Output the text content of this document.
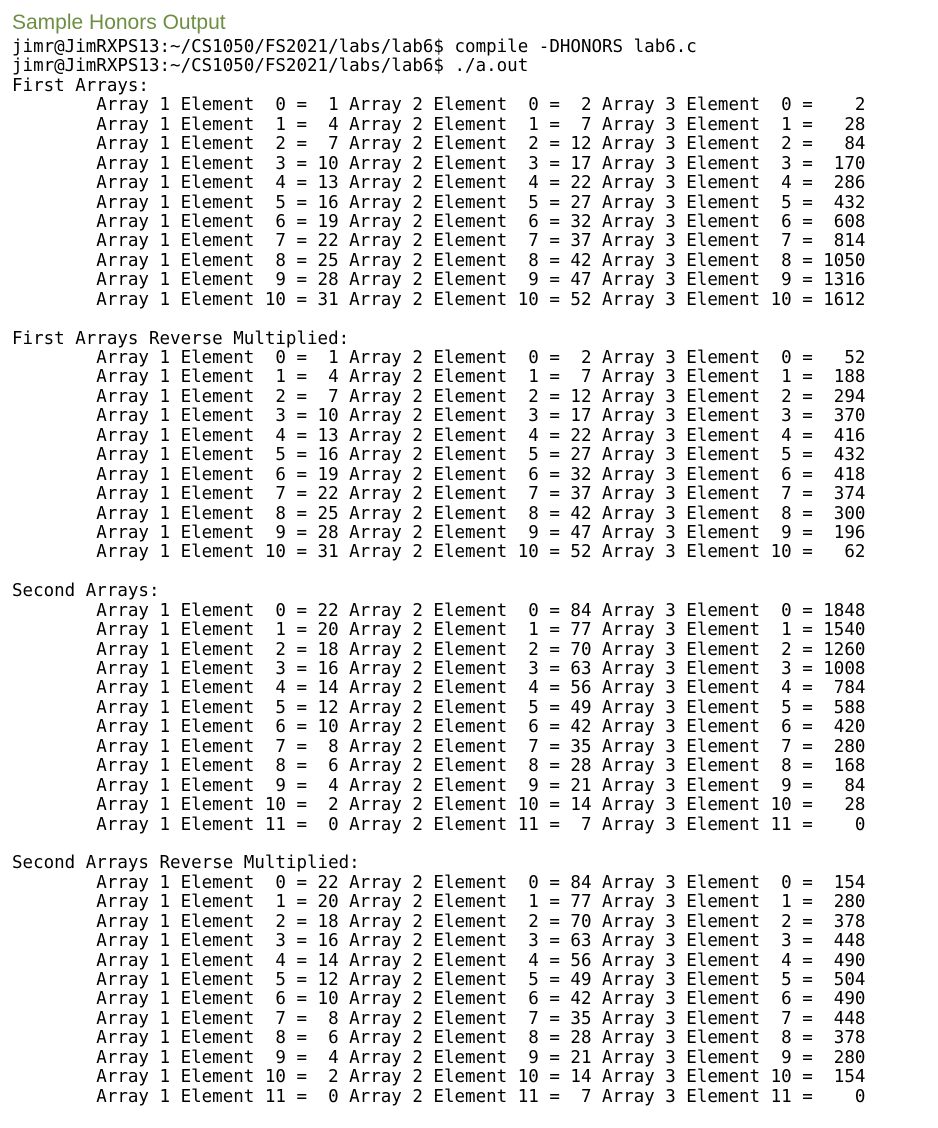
Sample Honors Output
jimr@JimRXPS13:~/CS1050/FS2021/labs/lab6$ compile -DHONORS lab6.c
jimr@JimRXPS13:~/CS1050/FS2021/labs/lab6$ ./a.out
First Arrays:
Array 1 Element  0 =  1 Array 2 Element  0 =  2 Array 3 Element  0 =    2
Array 1 Element  1 =  4 Array 2 Element  1 =  7 Array 3 Element  1 =   28
Array 1 Element  2 =  7 Array 2 Element  2 = 12 Array 3 Element  2 =   84
Array 1 Element  3 = 10 Array 2 Element  3 = 17 Array 3 Element  3 =  170
Array 1 Element  4 = 13 Array 2 Element  4 = 22 Array 3 Element  4 =  286
Array 1 Element  5 = 16 Array 2 Element  5 = 27 Array 3 Element  5 =  432
Array 1 Element  6 = 19 Array 2 Element  6 = 32 Array 3 Element  6 =  608
Array 1 Element  7 = 22 Array 2 Element  7 = 37 Array 3 Element  7 =  814
Array 1 Element  8 = 25 Array 2 Element  8 = 42 Array 3 Element  8 = 1050
Array 1 Element  9 = 28 Array 2 Element  9 = 47 Array 3 Element  9 = 1316
Array 1 Element 10 = 31 Array 2 Element 10 = 52 Array 3 Element 10 = 1612
First Arrays Reverse Multiplied:
Array 1 Element  0 =  1 Array 2 Element  0 =  2 Array 3 Element  0 =   52
Array 1 Element  1 =  4 Array 2 Element  1 =  7 Array 3 Element  1 =  188
Array 1 Element  2 =  7 Array 2 Element  2 = 12 Array 3 Element  2 =  294
Array 1 Element  3 = 10 Array 2 Element  3 = 17 Array 3 Element  3 =  370
Array 1 Element  4 = 13 Array 2 Element  4 = 22 Array 3 Element  4 =  416
Array 1 Element  5 = 16 Array 2 Element  5 = 27 Array 3 Element  5 =  432
Array 1 Element  6 = 19 Array 2 Element  6 = 32 Array 3 Element  6 =  418
Array 1 Element  7 = 22 Array 2 Element  7 = 37 Array 3 Element  7 =  374
Array 1 Element  8 = 25 Array 2 Element  8 = 42 Array 3 Element  8 =  300
Array 1 Element  9 = 28 Array 2 Element  9 = 47 Array 3 Element  9 =  196
Array 1 Element 10 = 31 Array 2 Element 10 = 52 Array 3 Element 10 =   62
Second Arrays:
Array 1 Element  0 = 22 Array 2 Element  0 = 84 Array 3 Element  0 = 1848
Array 1 Element  1 = 20 Array 2 Element  1 = 77 Array 3 Element  1 = 1540
Array 1 Element  2 = 18 Array 2 Element  2 = 70 Array 3 Element  2 = 1260
Array 1 Element  3 = 16 Array 2 Element  3 = 63 Array 3 Element  3 = 1008
Array 1 Element  4 = 14 Array 2 Element  4 = 56 Array 3 Element  4 =  784
Array 1 Element  5 = 12 Array 2 Element  5 = 49 Array 3 Element  5 =  588
Array 1 Element  6 = 10 Array 2 Element  6 = 42 Array 3 Element  6 =  420
Array 1 Element  7 =  8 Array 2 Element  7 = 35 Array 3 Element  7 =  280
Array 1 Element  8 =  6 Array 2 Element  8 = 28 Array 3 Element  8 =  168
Array 1 Element  9 =  4 Array 2 Element  9 = 21 Array 3 Element  9 =   84
Array 1 Element 10 =  2 Array 2 Element 10 = 14 Array 3 Element 10 =   28
Array 1 Element 11 =  0 Array 2 Element 11 =  7 Array 3 Element 11 =    0
Second Arrays Reverse Multiplied:
Array 1 Element  0 = 22 Array 2 Element  0 = 84 Array 3 Element  0 =  154
Array 1 Element  1 = 20 Array 2 Element  1 = 77 Array 3 Element  1 =  280
Array 1 Element  2 = 18 Array 2 Element  2 = 70 Array 3 Element  2 =  378
Array 1 Element  3 = 16 Array 2 Element  3 = 63 Array 3 Element  3 =  448
Array 1 Element  4 = 14 Array 2 Element  4 = 56 Array 3 Element  4 =  490
Array 1 Element  5 = 12 Array 2 Element  5 = 49 Array 3 Element  5 =  504
Array 1 Element  6 = 10 Array 2 Element  6 = 42 Array 3 Element  6 =  490
Array 1 Element  7 =  8 Array 2 Element  7 = 35 Array 3 Element  7 =  448
Array 1 Element  8 =  6 Array 2 Element  8 = 28 Array 3 Element  8 =  378
Array 1 Element  9 =  4 Array 2 Element  9 = 21 Array 3 Element  9 =  280
Array 1 Element 10 =  2 Array 2 Element 10 = 14 Array 3 Element 10 =  154
Array 1 Element 11 =  0 Array 2 Element 11 =  7 Array 3 Element 11 =    0
